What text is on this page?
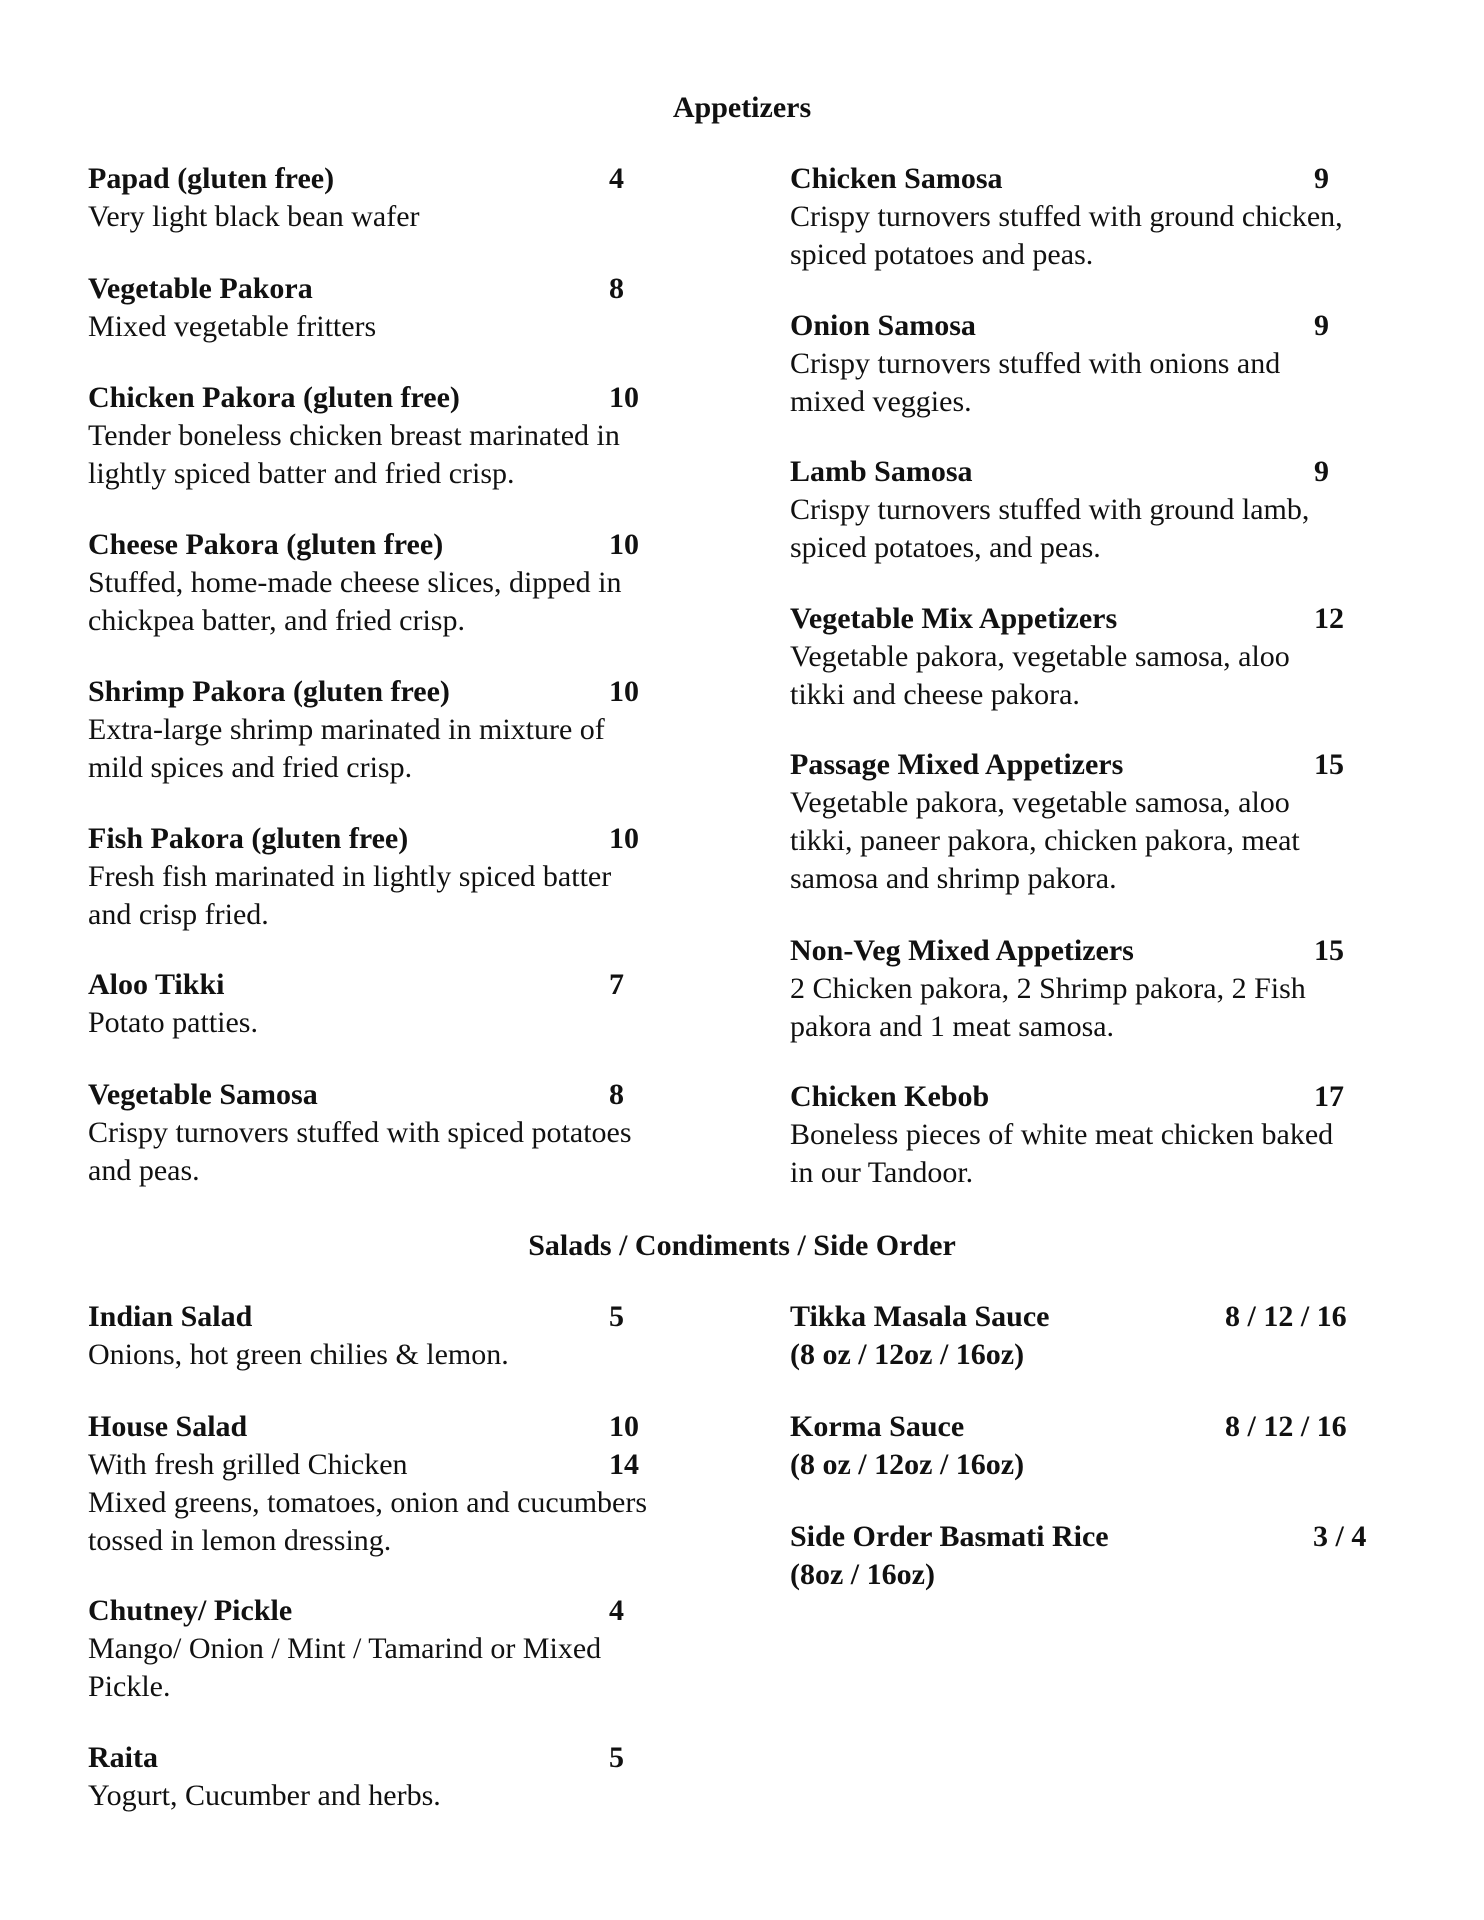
Appetizers
Papad (gluten free)	4
Very light black bean wafer
Vegetable Pakora	8
Mixed vegetable fritters
Chicken Pakora (gluten free)	10
Tender boneless chicken breast marinated in
lightly spiced batter and fried crisp.
Cheese Pakora (gluten free)	10
Stuffed, home-made cheese slices, dipped in
chickpea batter, and fried crisp.
Shrimp Pakora (gluten free)	10
Extra-large shrimp marinated in mixture of
mild spices and fried crisp.
Fish Pakora (gluten free)	10
Fresh fish marinated in lightly spiced batter
and crisp fried.
Aloo Tikki	7
Potato patties.
Vegetable Samosa	8
Crispy turnovers stuffed with spiced potatoes
and peas.
Chicken Samosa	9
Crispy turnovers stuffed with ground chicken,
spiced potatoes and peas.
Onion Samosa	9
Crispy turnovers stuffed with onions and
mixed veggies.
Lamb Samosa	9
Crispy turnovers stuffed with ground lamb,
spiced potatoes, and peas.
Vegetable Mix Appetizers	12
Vegetable pakora, vegetable samosa, aloo
tikki and cheese pakora.
Passage Mixed Appetizers	15
Vegetable pakora, vegetable samosa, aloo
tikki, paneer pakora, chicken pakora, meat
samosa and shrimp pakora.
Non-Veg Mixed Appetizers	15
2 Chicken pakora, 2 Shrimp pakora, 2 Fish
pakora and 1 meat samosa.
Chicken Kebob	17
Boneless pieces of white meat chicken baked
in our Tandoor.
Salads / Condiments / Side Order
Indian Salad	5
Onions, hot green chilies & lemon.
House Salad	10
With fresh grilled Chicken	14
Mixed greens, tomatoes, onion and cucumbers
tossed in lemon dressing.
Chutney/ Pickle	4
Mango/ Onion / Mint / Tamarind or Mixed
Pickle.
Raita	5
Yogurt, Cucumber and herbs.
Tikka Masala Sauce	8 / 12 / 16
(8 oz / 12oz / 16oz)
Korma Sauce	8 / 12 / 16
(8 oz / 12oz / 16oz)
Side Order Basmati Rice	3 / 4
(8oz / 16oz)
